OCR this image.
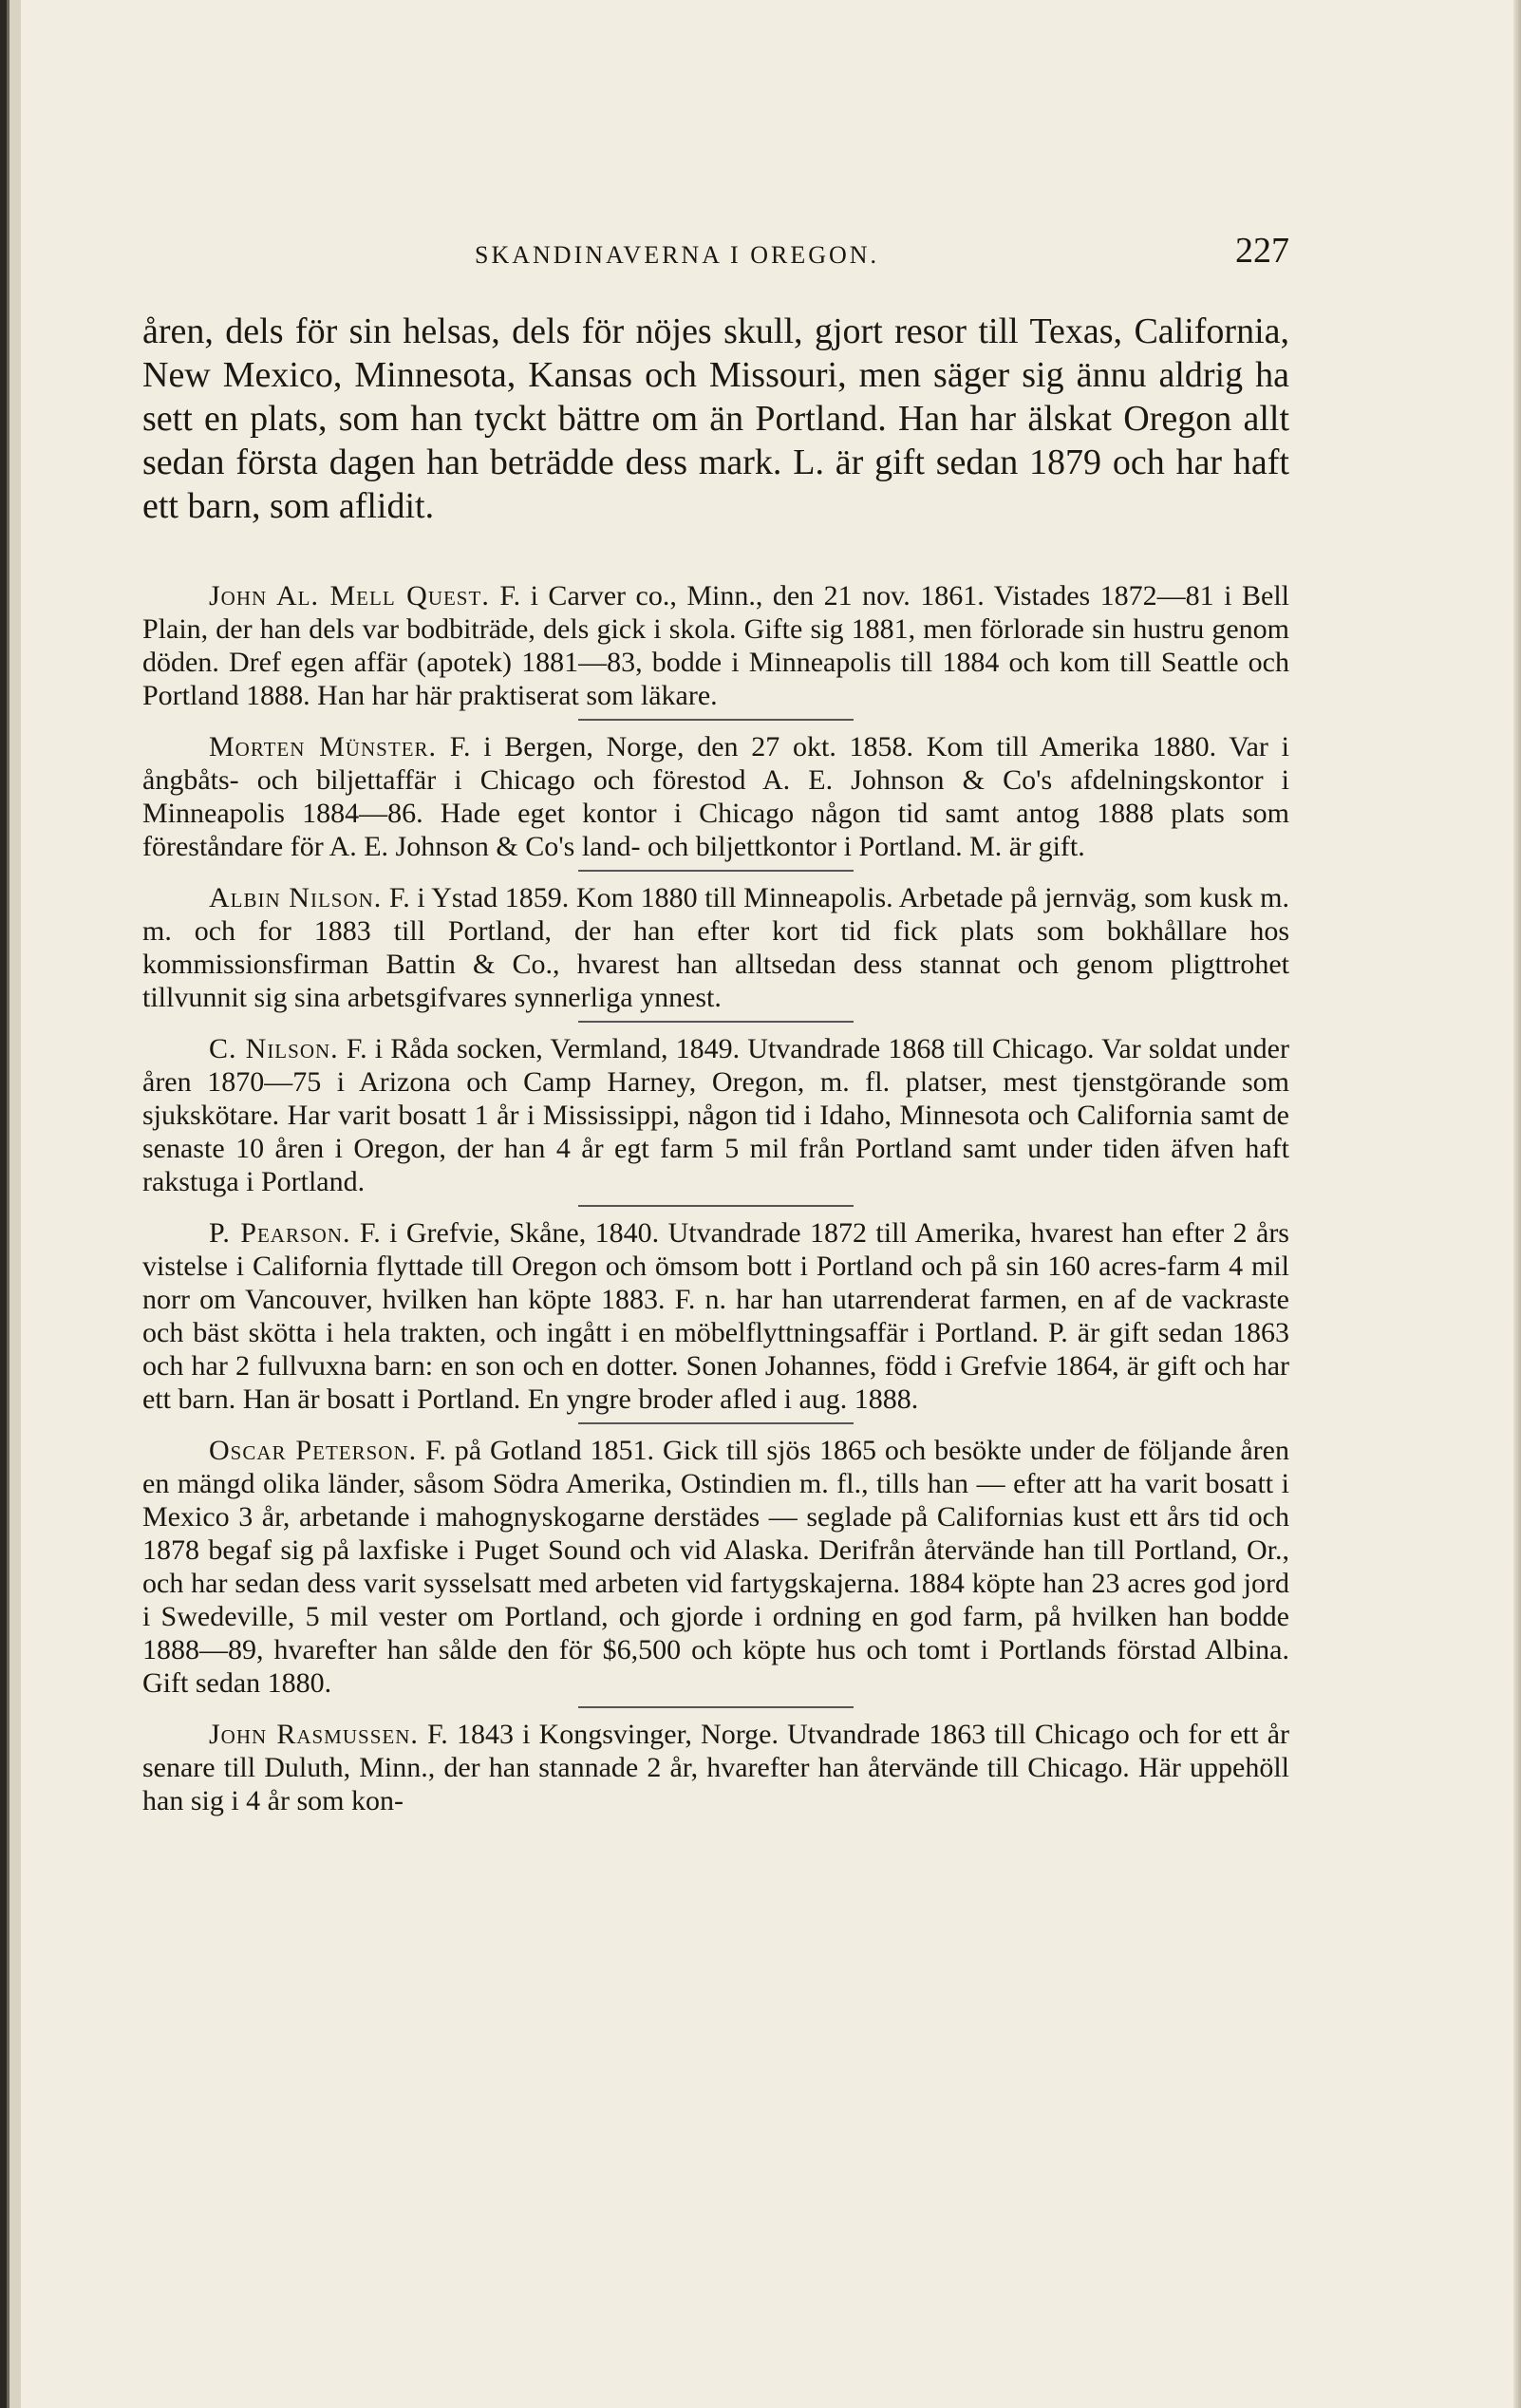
SKANDINAVERNA I OREGON.	227

åren, dels för sin helsas, dels för nöjes skull, gjort resor till Texas, California, New Mexico, Minnesota, Kansas och Missouri, men säger sig ännu aldrig ha sett en plats, som han tyckt bättre om än Portland. Han har älskat Oregon allt sedan första dagen han beträdde dess mark. L. är gift sedan 1879 och har haft ett barn, som aflidit.

John Al. Mell Quest. F. i Carver co., Minn., den 21 nov. 1861. Vistades 1872—81 i Bell Plain, der han dels var bodbiträde, dels gick i skola. Gifte sig 1881, men förlorade sin hustru genom döden. Dref egen affär (apotek) 1881—83, bodde i Minneapolis till 1884 och kom till Seattle och Portland 1888. Han har här praktiserat som läkare.

Morten Münster. F. i Bergen, Norge, den 27 okt. 1858. Kom till Amerika 1880. Var i ångbåts- och biljettaffär i Chicago och förestod A. E. Johnson & Co's afdelningskontor i Minneapolis 1884—86. Hade eget kontor i Chicago någon tid samt antog 1888 plats som föreståndare för A. E. Johnson & Co's land- och biljettkontor i Portland. M. är gift.

Albin Nilson. F. i Ystad 1859. Kom 1880 till Minneapolis. Arbetade på jernväg, som kusk m. m. och for 1883 till Portland, der han efter kort tid fick plats som bokhållare hos kommissionsfirman Battin & Co., hvarest han alltsedan dess stannat och genom pligttrohet tillvunnit sig sina arbetsgifvares synnerliga ynnest.

C. Nilson. F. i Råda socken, Vermland, 1849. Utvandrade 1868 till Chicago. Var soldat under åren 1870—75 i Arizona och Camp Harney, Oregon, m. fl. platser, mest tjenstgörande som sjukskötare. Har varit bosatt 1 år i Mississippi, någon tid i Idaho, Minnesota och California samt de senaste 10 åren i Oregon, der han 4 år egt farm 5 mil från Portland samt under tiden äfven haft rakstuga i Portland.

P. Pearson. F. i Grefvie, Skåne, 1840. Utvandrade 1872 till Amerika, hvarest han efter 2 års vistelse i California flyttade till Oregon och ömsom bott i Portland och på sin 160 acres-farm 4 mil norr om Vancouver, hvilken han köpte 1883. F. n. har han utarrenderat farmen, en af de vackraste och bäst skötta i hela trakten, och ingått i en möbelflyttningsaffär i Portland. P. är gift sedan 1863 och har 2 fullvuxna barn: en son och en dotter. Sonen Johannes, född i Grefvie 1864, är gift och har ett barn. Han är bosatt i Portland. En yngre broder afled i aug. 1888.

Oscar Peterson. F. på Gotland 1851. Gick till sjös 1865 och besökte under de följande åren en mängd olika länder, såsom Södra Amerika, Ostindien m. fl., tills han — efter att ha varit bosatt i Mexico 3 år, arbetande i mahognyskogarne derstädes — seglade på Californias kust ett års tid och 1878 begaf sig på laxfiske i Puget Sound och vid Alaska. Derifrån återvände han till Portland, Or., och har sedan dess varit sysselsatt med arbeten vid fartygskajerna. 1884 köpte han 23 acres god jord i Swedeville, 5 mil vester om Portland, och gjorde i ordning en god farm, på hvilken han bodde 1888—89, hvarefter han sålde den för $6,500 och köpte hus och tomt i Portlands förstad Albina. Gift sedan 1880.

John Rasmussen. F. 1843 i Kongsvinger, Norge. Utvandrade 1863 till Chicago och for ett år senare till Duluth, Minn., der han stannade 2 år, hvarefter han återvände till Chicago. Här uppehöll han sig i 4 år som kon-
